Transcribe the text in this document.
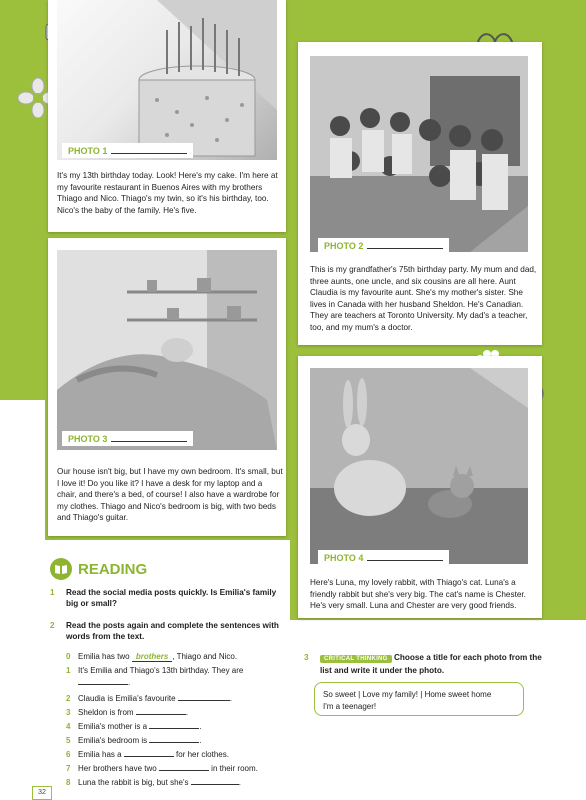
PHOTO 1
It's my 13th birthday today. Look! Here's my cake. I'm here at my favourite restaurant in Buenos Aires with my brothers Thiago and Nico. Thiago's my twin, so it's his birthday, too. Nico's the baby of the family. He's five.
PHOTO 2
This is my grandfather's 75th birthday party. My mum and dad, three aunts, one uncle, and six cousins are all here. Aunt Claudia is my favourite aunt. She's my mother's sister. She lives in Canada with her husband Sheldon. He's Canadian. They are teachers at Toronto University. My dad's a teacher, too, and my mum's a doctor.
PHOTO 3
Our house isn't big, but I have my own bedroom. It's small, but I love it! Do you like it? I have a desk for my laptop and a chair, and there's a bed, of course! I also have a wardrobe for my clothes. Thiago and Nico's bedroom is big, with two beds and Thiago's guitar.
PHOTO 4
Here's Luna, my lovely rabbit, with Thiago's cat. Luna's a friendly rabbit but she's very big. The cat's name is Chester. He's very small. Luna and Chester are very good friends.
READING
1 Read the social media posts quickly. Is Emilia's family big or small?
2 Read the posts again and complete the sentences with words from the text.
0 Emilia has two brothers , Thiago and Nico.
1 It's Emilia and Thiago's 13th birthday. They are
.
2 Claudia is Emilia's favourite	.
3 Sheldon is from	.
4 Emilia's mother is a	.
5 Emilia's bedroom is	.
6 Emilia has a	for her clothes.
7 Her brothers have two	in their room.
8 Luna the rabbit is big, but she's	.
3	CRITICAL THINKING Choose a title for each photo from the list and write it under the photo.
So sweet | Love my family! | Home sweet home
I'm a teenager!
32
